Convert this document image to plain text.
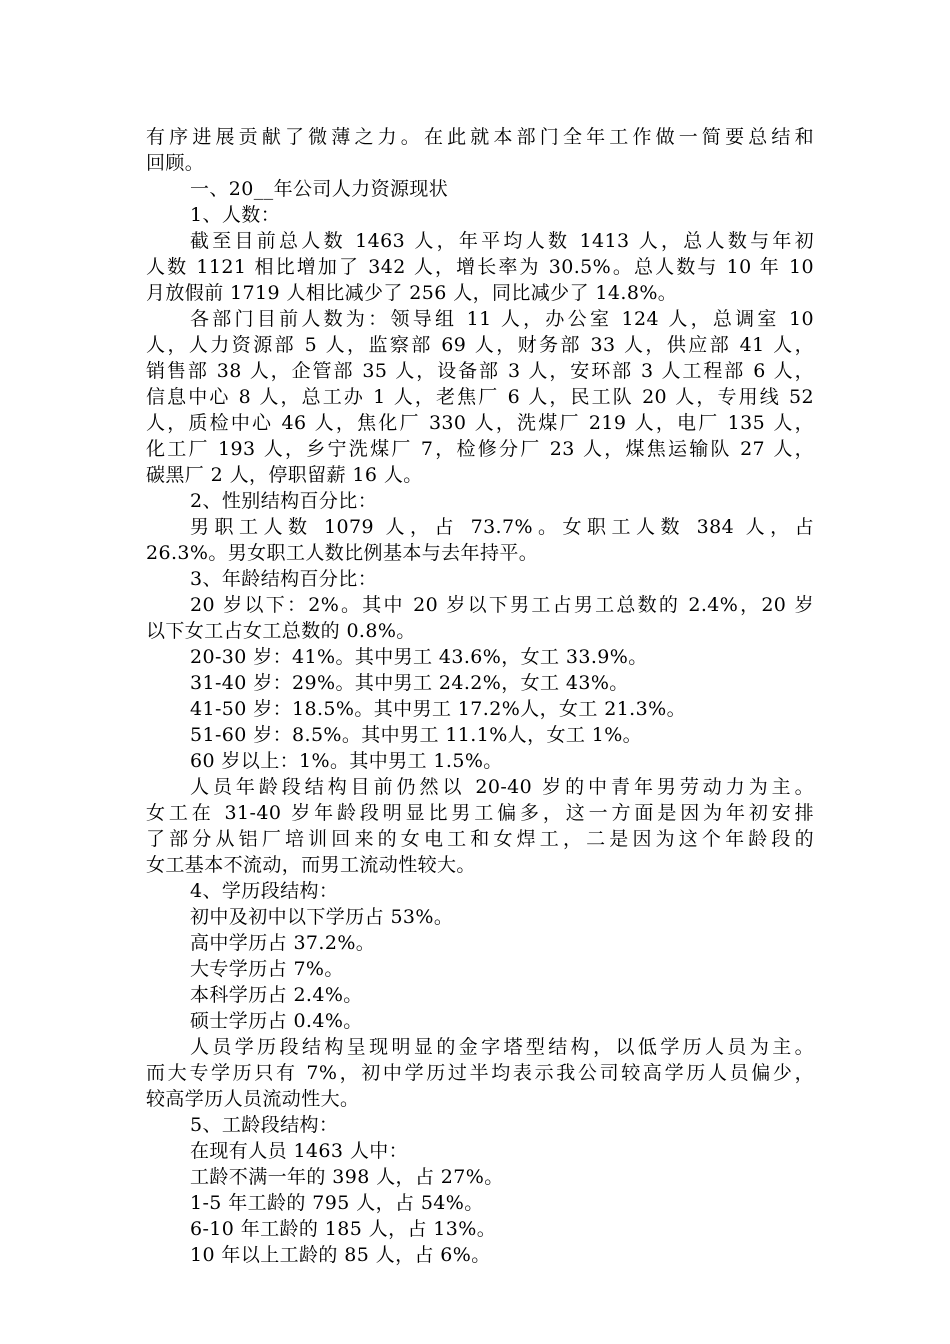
有序进展贡献了微薄之力。在此就本部门全年工作做一简要总结和
回顾。
一、20__年公司人力资源现状
1、人数：
截至目前总人数 1463 人，年平均人数 1413 人，总人数与年初
人数 1121 相比增加了 342 人，增长率为 30.5%。总人数与 10 年 10
月放假前 1719 人相比减少了 256 人，同比减少了 14.8%。
各部门目前人数为：领导组 11 人，办公室 124 人，总调室 10
人，人力资源部 5 人，监察部 69 人，财务部 33 人，供应部 41 人，
销售部 38 人，企管部 35 人，设备部 3 人，安环部 3 人工程部 6 人，
信息中心 8 人，总工办 1 人，老焦厂 6 人，民工队 20 人，专用线 52
人，质检中心 46 人，焦化厂 330 人，洗煤厂 219 人，电厂 135 人，
化工厂 193 人，乡宁洗煤厂 7，检修分厂 23 人，煤焦运输队 27 人，
碳黑厂 2 人，停职留薪 16 人。
2、性别结构百分比：
男职工人数 1079 人，占 73.7%。女职工人数 384 人，占
26.3%。男女职工人数比例基本与去年持平。
3、年龄结构百分比：
20 岁以下：2%。其中 20 岁以下男工占男工总数的 2.4%，20 岁
以下女工占女工总数的 0.8%。
20-30 岁：41%。其中男工 43.6%，女工 33.9%。
31-40 岁：29%。其中男工 24.2%，女工 43%。
41-50 岁：18.5%。其中男工 17.2%人，女工 21.3%。
51-60 岁：8.5%。其中男工 11.1%人，女工 1%。
60 岁以上：1%。其中男工 1.5%。
人员年龄段结构目前仍然以 20-40 岁的中青年男劳动力为主。
女工在 31-40 岁年龄段明显比男工偏多，这一方面是因为年初安排
了部分从铝厂培训回来的女电工和女焊工，二是因为这个年龄段的
女工基本不流动，而男工流动性较大。
4、学历段结构：
初中及初中以下学历占 53%。
高中学历占 37.2%。
大专学历占 7%。
本科学历占 2.4%。
硕士学历占 0.4%。
人员学历段结构呈现明显的金字塔型结构，以低学历人员为主。
而大专学历只有 7%，初中学历过半均表示我公司较高学历人员偏少，
较高学历人员流动性大。
5、工龄段结构：
在现有人员 1463 人中：
工龄不满一年的 398 人，占 27%。
1-5 年工龄的 795 人，占 54%。
6-10 年工龄的 185 人，占 13%。
10 年以上工龄的 85 人，占 6%。
